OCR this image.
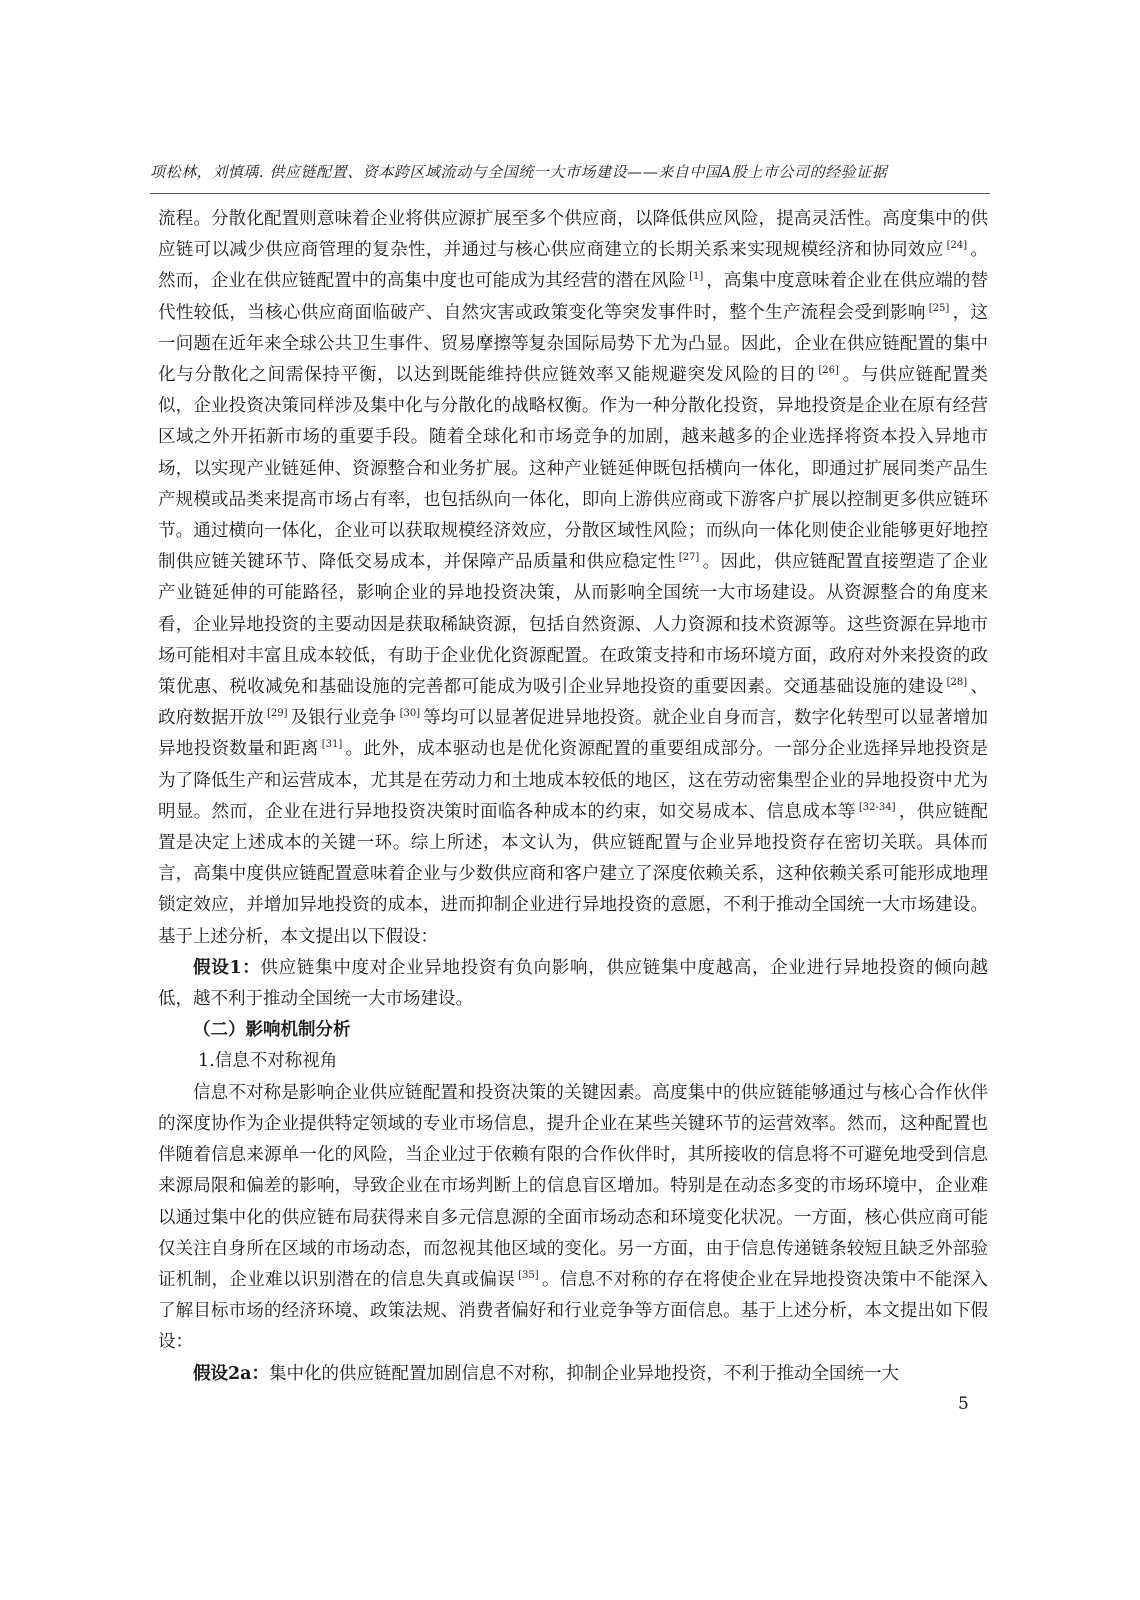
项松林，刘慎瑀. 供应链配置、资本跨区域流动与全国统一大市场建设——来自中国A股上市公司的经验证据

流程。分散化配置则意味着企业将供应源扩展至多个供应商，以降低供应风险，提高灵活性。高度集中的供应链可以减少供应商管理的复杂性，并通过与核心供应商建立的长期关系来实现规模经济和协同效应 [24] 。然而，企业在供应链配置中的高集中度也可能成为其经营的潜在风险 [1] ，高集中度意味着企业在供应端的替代性较低，当核心供应商面临破产、自然灾害或政策变化等突发事件时，整个生产流程会受到影响 [25] ，这一问题在近年来全球公共卫生事件、贸易摩擦等复杂国际局势下尤为凸显。因此，企业在供应链配置的集中化与分散化之间需保持平衡，以达到既能维持供应链效率又能规避突发风险的目的 [26] 。与供应链配置类似，企业投资决策同样涉及集中化与分散化的战略权衡。作为一种分散化投资，异地投资是企业在原有经营区域之外开拓新市场的重要手段。随着全球化和市场竞争的加剧，越来越多的企业选择将资本投入异地市场，以实现产业链延伸、资源整合和业务扩展。这种产业链延伸既包括横向一体化，即通过扩展同类产品生产规模或品类来提高市场占有率，也包括纵向一体化，即向上游供应商或下游客户扩展以控制更多供应链环节。通过横向一体化，企业可以获取规模经济效应，分散区域性风险；而纵向一体化则使企业能够更好地控制供应链关键环节、降低交易成本，并保障产品质量和供应稳定性 [27] 。因此，供应链配置直接塑造了企业产业链延伸的可能路径，影响企业的异地投资决策，从而影响全国统一大市场建设。从资源整合的角度来看，企业异地投资的主要动因是获取稀缺资源，包括自然资源、人力资源和技术资源等。这些资源在异地市场可能相对丰富且成本较低，有助于企业优化资源配置。在政策支持和市场环境方面，政府对外来投资的政策优惠、税收减免和基础设施的完善都可能成为吸引企业异地投资的重要因素。交通基础设施的建设 [28] 、政府数据开放 [29] 及银行业竞争 [30] 等均可以显著促进异地投资。就企业自身而言，数字化转型可以显著增加异地投资数量和距离 [31] 。此外，成本驱动也是优化资源配置的重要组成部分。一部分企业选择异地投资是为了降低生产和运营成本，尤其是在劳动力和土地成本较低的地区，这在劳动密集型企业的异地投资中尤为明显。然而，企业在进行异地投资决策时面临各种成本的约束，如交易成本、信息成本等 [32-34] ，供应链配置是决定上述成本的关键一环。综上所述，本文认为，供应链配置与企业异地投资存在密切关联。具体而言，高集中度供应链配置意味着企业与少数供应商和客户建立了深度依赖关系，这种依赖关系可能形成地理锁定效应，并增加异地投资的成本，进而抑制企业进行异地投资的意愿，不利于推动全国统一大市场建设。基于上述分析，本文提出以下假设：

假设1：供应链集中度对企业异地投资有负向影响，供应链集中度越高，企业进行异地投资的倾向越低，越不利于推动全国统一大市场建设。

（二）影响机制分析

1.信息不对称视角

信息不对称是影响企业供应链配置和投资决策的关键因素。高度集中的供应链能够通过与核心合作伙伴的深度协作为企业提供特定领域的专业市场信息，提升企业在某些关键环节的运营效率。然而，这种配置也伴随着信息来源单一化的风险，当企业过于依赖有限的合作伙伴时，其所接收的信息将不可避免地受到信息来源局限和偏差的影响，导致企业在市场判断上的信息盲区增加。特别是在动态多变的市场环境中，企业难以通过集中化的供应链布局获得来自多元信息源的全面市场动态和环境变化状况。一方面，核心供应商可能仅关注自身所在区域的市场动态，而忽视其他区域的变化。另一方面，由于信息传递链条较短且缺乏外部验证机制，企业难以识别潜在的信息失真或偏误 [35] 。信息不对称的存在将使企业在异地投资决策中不能深入了解目标市场的经济环境、政策法规、消费者偏好和行业竞争等方面信息。基于上述分析，本文提出如下假设：

假设2a：集中化的供应链配置加剧信息不对称，抑制企业异地投资，不利于推动全国统一大

5
